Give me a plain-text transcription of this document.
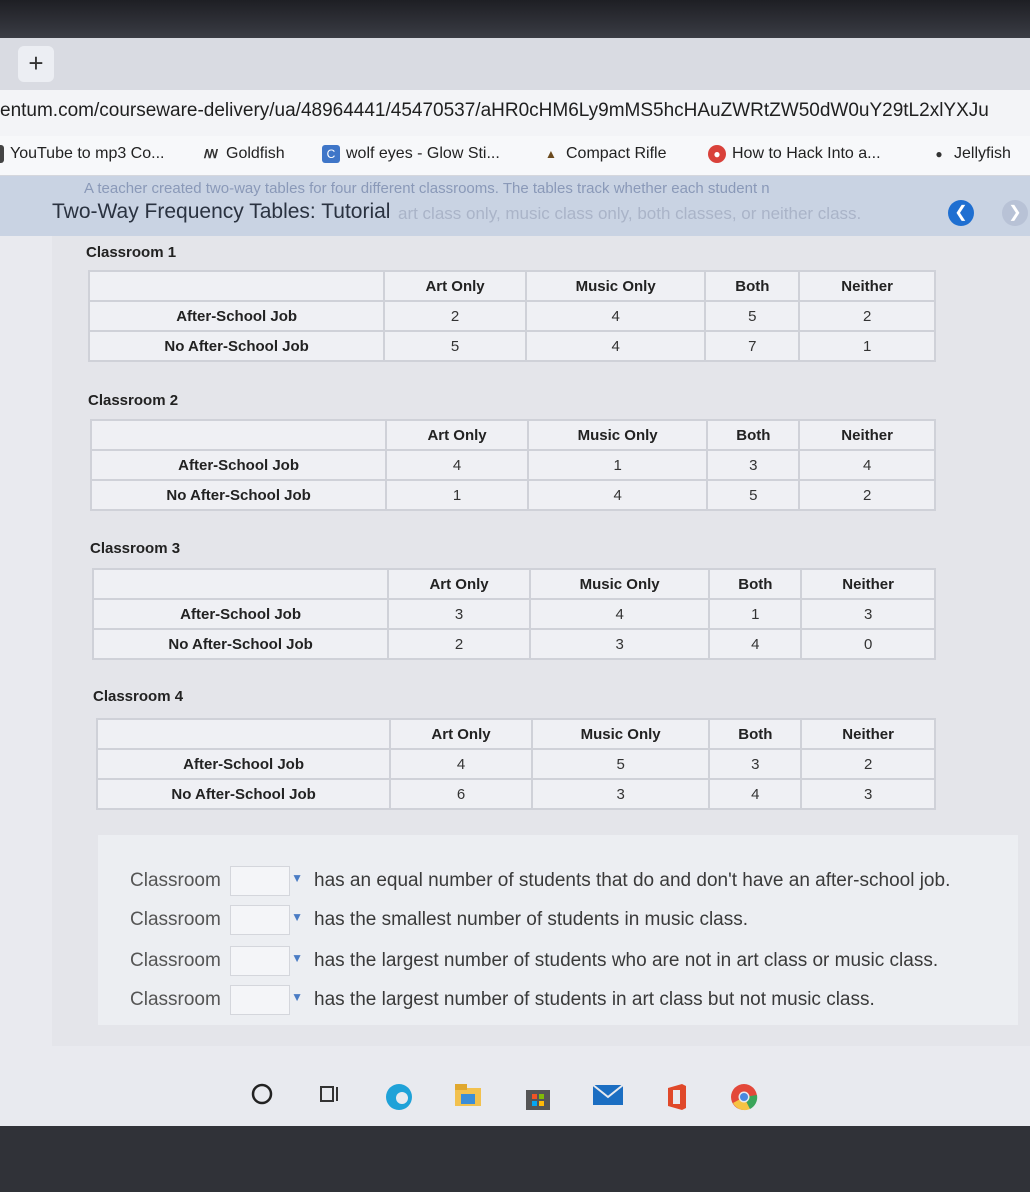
+
entum.com/courseware-delivery/ua/48964441/45470537/aHR0cHM6Ly9mMS5hcHAuZWRtZW50dW0uY29tL2xlYXJu
YouTube to mp3 Co...	ꟿ Goldfish	C wolf eyes - Glow Sti...	▲ Compact Rifle	● How to Hack Into a...	● Jellyfish
A teacher created two-way tables for four different classrooms. The tables track whether each student n
Two-Way Frequency Tables: Tutorial art class only, music class only, both classes, or neither class.	❮	❯
Classroom 1
	Art Only	Music Only	Both	Neither
After-School Job	2	4	5	2
No After-School Job	5	4	7	1
Classroom 2
	Art Only	Music Only	Both	Neither
After-School Job	4	1	3	4
No After-School Job	1	4	5	2
Classroom 3
	Art Only	Music Only	Both	Neither
After-School Job	3	4	1	3
No After-School Job	2	3	4	0
Classroom 4
	Art Only	Music Only	Both	Neither
After-School Job	4	5	3	2
No After-School Job	6	3	4	3
Classroom	▼ has an equal number of students that do and don't have an after-school job.
Classroom	▼ has the smallest number of students in music class.
Classroom	▼ has the largest number of students who are not in art class or music class.
Classroom	▼ has the largest number of students in art class but not music class.
